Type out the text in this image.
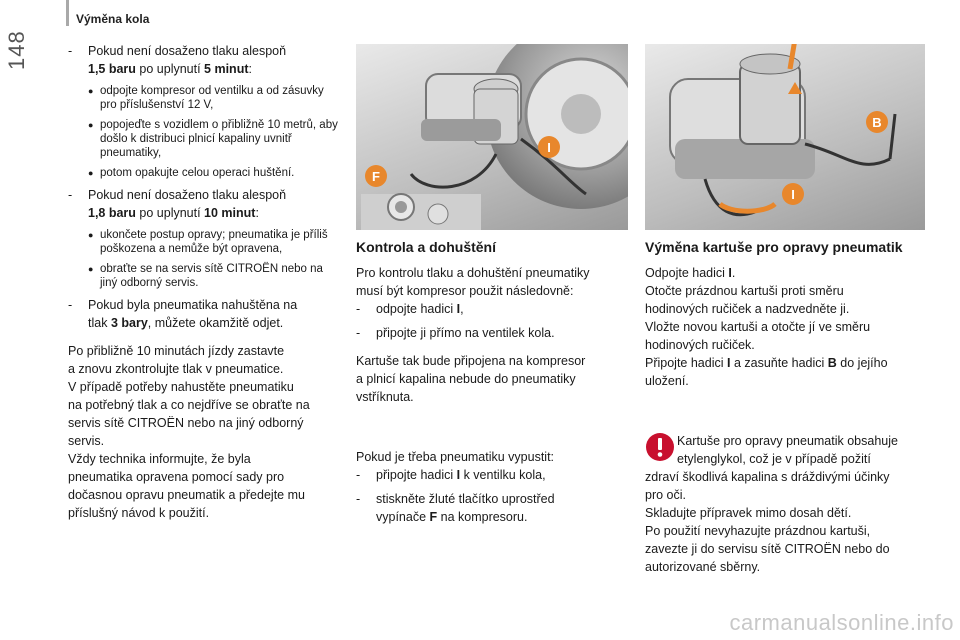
148
Výměna kola
- Pokud není dosaženo tlaku alespoň
1,5 baru po uplynutí 5 minut:
● odpojte kompresor od ventilku a od zásuvky pro příslušenství 12 V,
● popojeďte s vozidlem o přibližně 10 metrů, aby došlo k distribuci plnicí kapaliny uvnitř pneumatiky,
● potom opakujte celou operaci huštění.
- Pokud není dosaženo tlaku alespoň
1,8 baru po uplynutí 10 minut:
● ukončete postup opravy; pneumatika je příliš poškozena a nemůže být opravena,
● obraťte se na servis sítě CITROËN nebo na jiný odborný servis.
- Pokud byla pneumatika nahuštěna na
tlak 3 bary, můžete okamžitě odjet.
Po přibližně 10 minutách jízdy zastavte
a znovu zkontrolujte tlak v pneumatice.
V případě potřeby nahustěte pneumatiku
na potřebný tlak a co nejdříve se obraťte na
servis sítě CITROËN nebo na jiný odborný
servis.
Vždy technika informujte, že byla
pneumatika opravena pomocí sady pro
dočasnou opravu pneumatik a předejte mu
příslušný návod k použití.
F
I
B
I
Kontrola a dohuštění
Pro kontrolu tlaku a dohuštění pneumatiky
musí být kompresor použit následovně:
- odpojte hadici I,
- připojte ji přímo na ventilek kola.
Kartuše tak bude připojena na kompresor
a plnicí kapalina nebude do pneumatiky
vstříknuta.
Pokud je třeba pneumatiku vypustit:
- připojte hadici I k ventilku kola,
- stiskněte žluté tlačítko uprostřed
vypínače F na kompresoru.
Výměna kartuše pro opravy pneumatik
Odpojte hadici I.
Otočte prázdnou kartuši proti směru
hodinových ručiček a nadzvedněte ji.
Vložte novou kartuši a otočte jí ve směru
hodinových ručiček.
Připojte hadici I a zasuňte hadici B do jejího
uložení.
Kartuše pro opravy pneumatik obsahuje
etylenglykol, což je v případě požití
zdraví škodlivá kapalina s dráždivými účinky
pro oči.
Skladujte přípravek mimo dosah dětí.
Po použití nevyhazujte prázdnou kartuši,
zavezte ji do servisu sítě CITROËN nebo do
autorizované sběrny.
carmanualsonline.info
